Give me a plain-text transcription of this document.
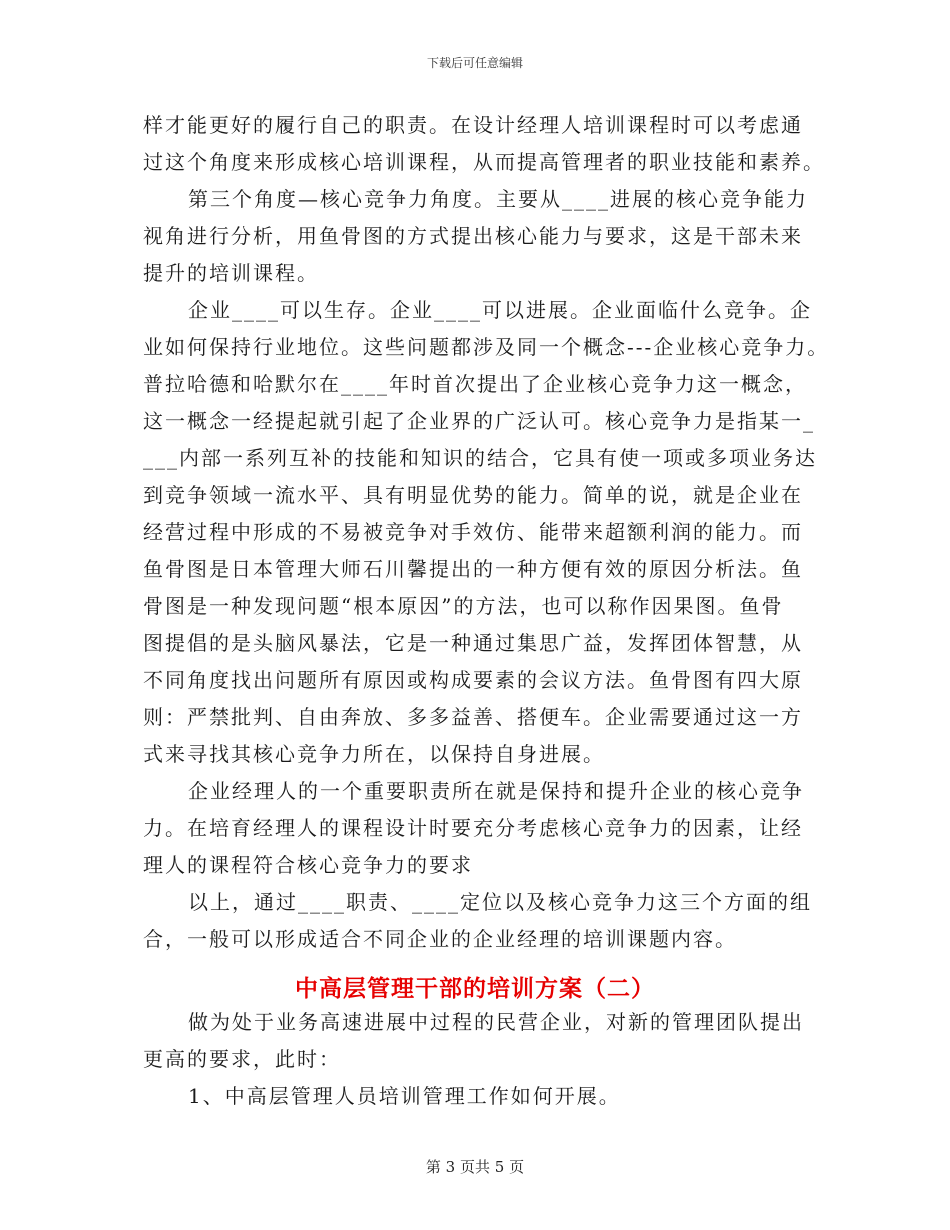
下载后可任意编辑
样才能更好的履行自己的职责。在设计经理人培训课程时可以考虑通
过这个角度来形成核心培训课程，从而提高管理者的职业技能和素养。
第三个角度—核心竞争力角度。主要从____进展的核心竞争能力
视角进行分析，用鱼骨图的方式提出核心能力与要求，这是干部未来
提升的培训课程。
企业____可以生存。企业____可以进展。企业面临什么竞争。企
业如何保持行业地位。这些问题都涉及同一个概念---企业核心竞争力。
普拉哈德和哈默尔在____年时首次提出了企业核心竞争力这一概念，
这一概念一经提起就引起了企业界的广泛认可。核心竞争力是指某一_
___内部一系列互补的技能和知识的结合，它具有使一项或多项业务达
到竞争领域一流水平、具有明显优势的能力。简单的说，就是企业在
经营过程中形成的不易被竞争对手效仿、能带来超额利润的能力。而
鱼骨图是日本管理大师石川馨提出的一种方便有效的原因分析法。鱼
骨图是一种发现问题“根本原因”的方法，也可以称作因果图。鱼骨
图提倡的是头脑风暴法，它是一种通过集思广益，发挥团体智慧，从
不同角度找出问题所有原因或构成要素的会议方法。鱼骨图有四大原
则：严禁批判、自由奔放、多多益善、搭便车。企业需要通过这一方
式来寻找其核心竞争力所在，以保持自身进展。
企业经理人的一个重要职责所在就是保持和提升企业的核心竞争
力。在培育经理人的课程设计时要充分考虑核心竞争力的因素，让经
理人的课程符合核心竞争力的要求
以上，通过____职责、____定位以及核心竞争力这三个方面的组
合，一般可以形成适合不同企业的企业经理的培训课题内容。
中高层管理干部的培训方案（二）
做为处于业务高速进展中过程的民营企业，对新的管理团队提出
更高的要求，此时：
1、中高层管理人员培训管理工作如何开展。
第 3 页共 5 页
